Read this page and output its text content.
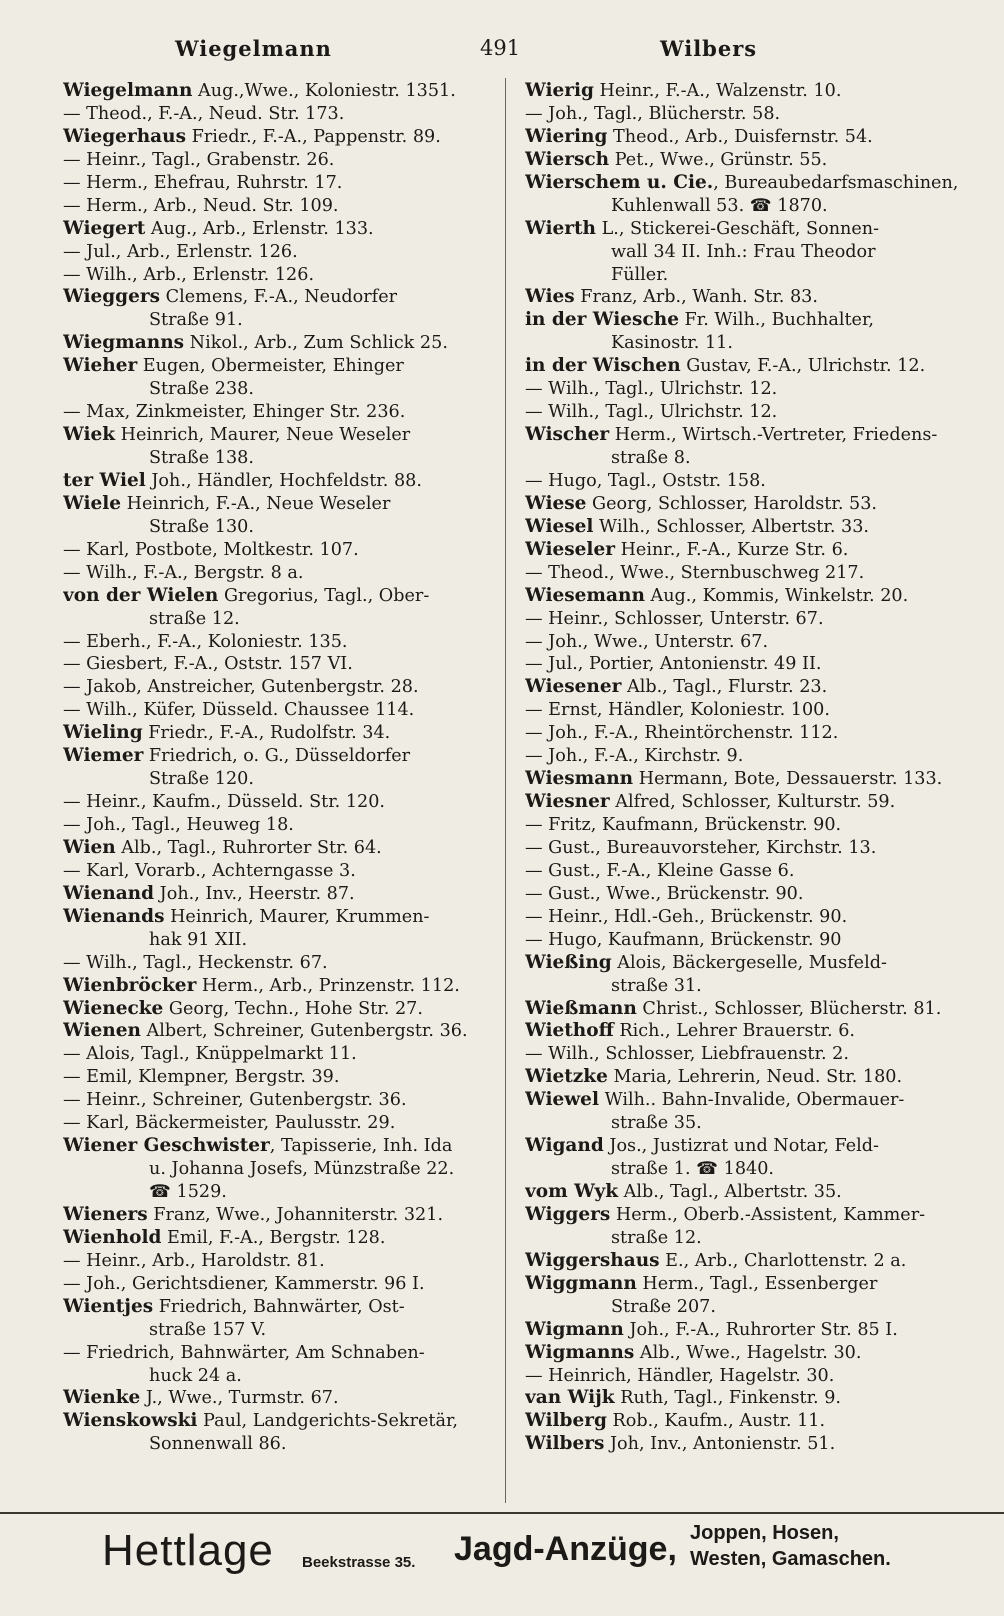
Wiegelmann	491	Wilbers
Wiegelmann Aug.,Wwe., Koloniestr. 1351.
— Theod., F.-A., Neud. Str. 173.
Wiegerhaus Friedr., F.-A., Pappenstr. 89.
— Heinr., Tagl., Grabenstr. 26.
— Herm., Ehefrau, Ruhrstr. 17.
— Herm., Arb., Neud. Str. 109.
Wiegert Aug., Arb., Erlenstr. 133.
— Jul., Arb., Erlenstr. 126.
— Wilh., Arb., Erlenstr. 126.
Wieggers Clemens, F.-A., Neudorfer
Straße 91.
Wiegmanns Nikol., Arb., Zum Schlick 25.
Wieher Eugen, Obermeister, Ehinger
Straße 238.
— Max, Zinkmeister, Ehinger Str. 236.
Wiek Heinrich, Maurer, Neue Weseler
Straße 138.
ter Wiel Joh., Händler, Hochfeldstr. 88.
Wiele Heinrich, F.-A., Neue Weseler
Straße 130.
— Karl, Postbote, Moltkestr. 107.
— Wilh., F.-A., Bergstr. 8 a.
von der Wielen Gregorius, Tagl., Ober-
straße 12.
— Eberh., F.-A., Koloniestr. 135.
— Giesbert, F.-A., Oststr. 157 VI.
— Jakob, Anstreicher, Gutenbergstr. 28.
— Wilh., Küfer, Düsseld. Chaussee 114.
Wieling Friedr., F.-A., Rudolfstr. 34.
Wiemer Friedrich, o. G., Düsseldorfer
Straße 120.
— Heinr., Kaufm., Düsseld. Str. 120.
— Joh., Tagl., Heuweg 18.
Wien Alb., Tagl., Ruhrorter Str. 64.
— Karl, Vorarb., Achterngasse 3.
Wienand Joh., Inv., Heerstr. 87.
Wienands Heinrich, Maurer, Krummen-
hak 91 XII.
— Wilh., Tagl., Heckenstr. 67.
Wienbröcker Herm., Arb., Prinzenstr. 112.
Wienecke Georg, Techn., Hohe Str. 27.
Wienen Albert, Schreiner, Gutenbergstr. 36.
— Alois, Tagl., Knüppelmarkt 11.
— Emil, Klempner, Bergstr. 39.
— Heinr., Schreiner, Gutenbergstr. 36.
— Karl, Bäckermeister, Paulusstr. 29.
Wiener Geschwister, Tapisserie, Inh. Ida
u. Johanna Josefs, Münzstraße 22.
☎ 1529.
Wieners Franz, Wwe., Johanniterstr. 321.
Wienhold Emil, F.-A., Bergstr. 128.
— Heinr., Arb., Haroldstr. 81.
— Joh., Gerichtsdiener, Kammerstr. 96 I.
Wientjes Friedrich, Bahnwärter, Ost-
straße 157 V.
— Friedrich, Bahnwärter, Am Schnaben-
huck 24 a.
Wienke J., Wwe., Turmstr. 67.
Wienskowski Paul, Landgerichts-Sekretär,
Sonnenwall 86.
Wierig Heinr., F.-A., Walzenstr. 10.
— Joh., Tagl., Blücherstr. 58.
Wiering Theod., Arb., Duisfernstr. 54.
Wiersch Pet., Wwe., Grünstr. 55.
Wierschem u. Cie., Bureaubedarfsmaschinen,
Kuhlenwall 53. ☎ 1870.
Wierth L., Stickerei-Geschäft, Sonnen-
wall 34 II. Inh.: Frau Theodor
Füller.
Wies Franz, Arb., Wanh. Str. 83.
in der Wiesche Fr. Wilh., Buchhalter,
Kasinostr. 11.
in der Wischen Gustav, F.-A., Ulrichstr. 12.
— Wilh., Tagl., Ulrichstr. 12.
— Wilh., Tagl., Ulrichstr. 12.
Wischer Herm., Wirtsch.-Vertreter, Friedens-
straße 8.
— Hugo, Tagl., Oststr. 158.
Wiese Georg, Schlosser, Haroldstr. 53.
Wiesel Wilh., Schlosser, Albertstr. 33.
Wieseler Heinr., F.-A., Kurze Str. 6.
— Theod., Wwe., Sternbuschweg 217.
Wiesemann Aug., Kommis, Winkelstr. 20.
— Heinr., Schlosser, Unterstr. 67.
— Joh., Wwe., Unterstr. 67.
— Jul., Portier, Antonienstr. 49 II.
Wiesener Alb., Tagl., Flurstr. 23.
— Ernst, Händler, Koloniestr. 100.
— Joh., F.-A., Rheintörchenstr. 112.
— Joh., F.-A., Kirchstr. 9.
Wiesmann Hermann, Bote, Dessauerstr. 133.
Wiesner Alfred, Schlosser, Kulturstr. 59.
— Fritz, Kaufmann, Brückenstr. 90.
— Gust., Bureauvorsteher, Kirchstr. 13.
— Gust., F.-A., Kleine Gasse 6.
— Gust., Wwe., Brückenstr. 90.
— Heinr., Hdl.-Geh., Brückenstr. 90.
— Hugo, Kaufmann, Brückenstr. 90
Wießing Alois, Bäckergeselle, Musfeld-
straße 31.
Wießmann Christ., Schlosser, Blücherstr. 81.
Wiethoff Rich., Lehrer Brauerstr. 6.
— Wilh., Schlosser, Liebfrauenstr. 2.
Wietzke Maria, Lehrerin, Neud. Str. 180.
Wiewel Wilh.. Bahn-Invalide, Obermauer-
straße 35.
Wigand Jos., Justizrat und Notar, Feld-
straße 1. ☎ 1840.
vom Wyk Alb., Tagl., Albertstr. 35.
Wiggers Herm., Oberb.-Assistent, Kammer-
straße 12.
Wiggershaus E., Arb., Charlottenstr. 2 a.
Wiggmann Herm., Tagl., Essenberger
Straße 207.
Wigmann Joh., F.-A., Ruhrorter Str. 85 I.
Wigmanns Alb., Wwe., Hagelstr. 30.
— Heinrich, Händler, Hagelstr. 30.
van Wijk Ruth, Tagl., Finkenstr. 9.
Wilberg Rob., Kaufm., Austr. 11.
Wilbers Joh, Inv., Antonienstr. 51.
Hettlage Beekstrasse 35. Jagd-Anzüge, Joppen, Hosen,
Westen, Gamaschen.
